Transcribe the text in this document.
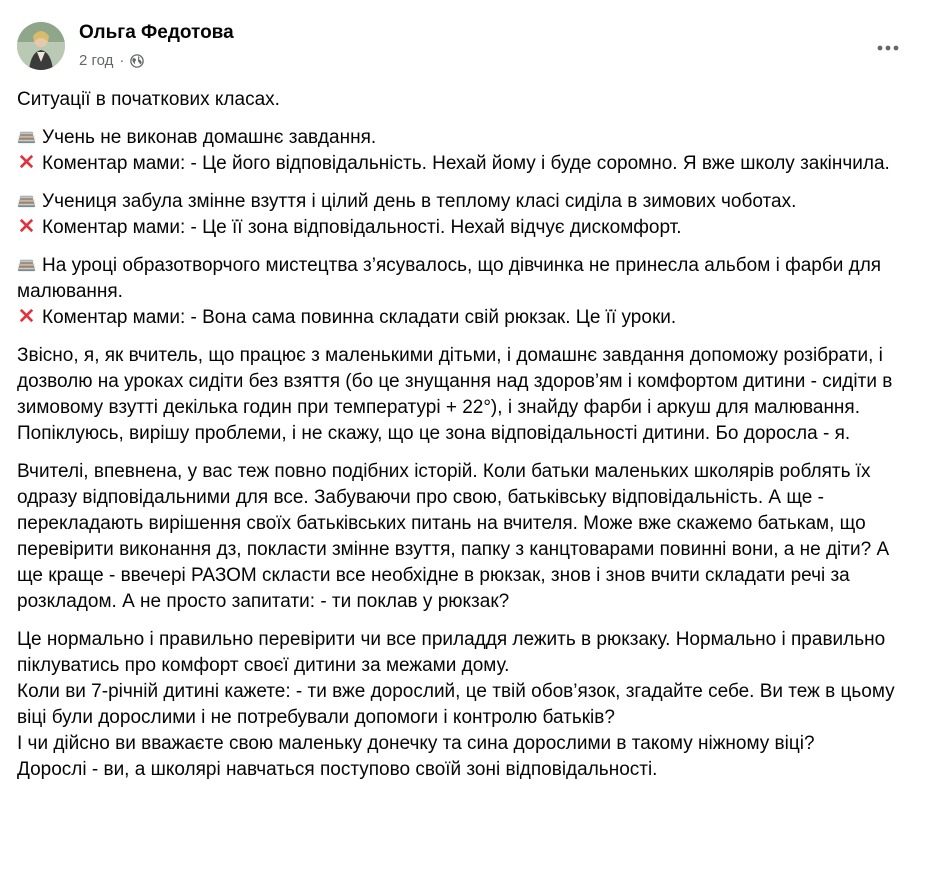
Ольга Федотова
2 год ·
Ситуації в початкових класах.
Учень не виконав домашнє завдання.
Коментар мами: - Це його відповідальність. Нехай йому і буде соромно. Я вже школу закінчила.
Учениця забула змінне взуття і цілий день в теплому класі сиділа в зимових чоботах.
Коментар мами: - Це її зона відповідальності. Нехай відчує дискомфорт.
На уроці образотворчого мистецтва з’ясувалось, що дівчинка не принесла альбом і фарби для малювання.
Коментар мами: - Вона сама повинна складати свій рюкзак. Це її уроки.
Звісно, я, як вчитель, що працює з маленькими дітьми, і домашнє завдання допоможу розібрати, і дозволю на уроках сидіти без взяття (бо це знущання над здоров’ям і комфортом дитини - сидіти в зимовому взутті декілька годин при температурі + 22°), і знайду фарби і аркуш для малювання. Попіклуюсь, вирішу проблеми, і не скажу, що це зона відповідальності дитини. Бо доросла - я.
Вчителі, впевнена, у вас теж повно подібних історій. Коли батьки маленьких школярів роблять їх одразу відповідальними для все. Забуваючи про свою, батьківську відповідальність. А ще - перекладають вирішення своїх батьківських питань на вчителя. Може вже скажемо батькам, що перевірити виконання дз, покласти змінне взуття, папку з канцтоварами повинні вони, а не діти? А ще краще - ввечері РАЗОМ скласти все необхідне в рюкзак, знов і знов вчити складати речі за розкладом. А не просто запитати: - ти поклав у рюкзак?
Це нормально і правильно перевірити чи все приладдя лежить в рюкзаку. Нормально і правильно піклуватись про комфорт своєї дитини за межами дому.
Коли ви 7-річній дитині кажете: - ти вже дорослий, це твій обов’язок, згадайте себе. Ви теж в цьому віці були дорослими і не потребували допомоги і контролю батьків?
І чи дійсно ви вважаєте свою маленьку донечку та сина дорослими в такому ніжному віці?
Дорослі - ви, а школярі навчаться поступово своїй зоні відповідальності.
